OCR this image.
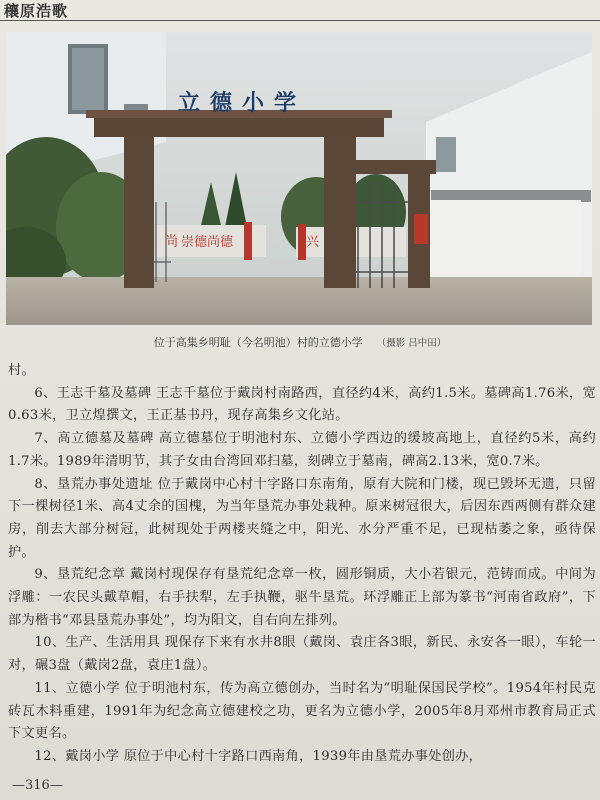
穰原浩歌
尚 崇德尚德	兴
立德小学
位于高集乡明耻（今名明池）村的立德小学 （摄影 吕中田）

村。

6、王志千墓及墓碑 王志千墓位于戴岗村南路西，直径约4米，高约1.5米。墓碑高1.76米，宽0.63米，卫立煌撰文，王正基书丹，现存高集乡文化站。

7、高立德墓及墓碑 高立德墓位于明池村东、立德小学西边的缓坡高地上，直径约5米，高约1.7米。1989年清明节，其子女由台湾回邓扫墓，刻碑立于墓南，碑高2.13米，宽0.7米。

8、垦荒办事处遗址 位于戴岗中心村十字路口东南角，原有大院和门楼，现已毁坏无遗，只留下一棵树径1米、高4丈余的国槐，为当年垦荒办事处栽种。原来树冠很大，后因东西两侧有群众建房，削去大部分树冠，此树现处于两楼夹缝之中，阳光、水分严重不足，已现枯萎之象，亟待保护。

9、垦荒纪念章 戴岗村现保存有垦荒纪念章一枚，圆形铜质，大小若银元，范铸而成。中间为浮雕：一农民头戴草帽，右手扶犁，左手执鞭，驱牛垦荒。环浮雕正上部为篆书“河南省政府”，下部为楷书“邓县垦荒办事处”，均为阳文，自右向左排列。

10、生产、生活用具 现保存下来有水井8眼（戴岗、袁庄各3眼，新民、永安各一眼），车轮一对，碾3盘（戴岗2盘，袁庄1盘）。

11、立德小学 位于明池村东，传为高立德创办，当时名为“明耻保国民学校”。1954年村民克砖瓦木料重建，1991年为纪念高立德建校之功，更名为立德小学，2005年8月邓州市教育局正式下文更名。

12、戴岗小学 原位于中心村十字路口西南角，1939年由垦荒办事处创办，

—316—
